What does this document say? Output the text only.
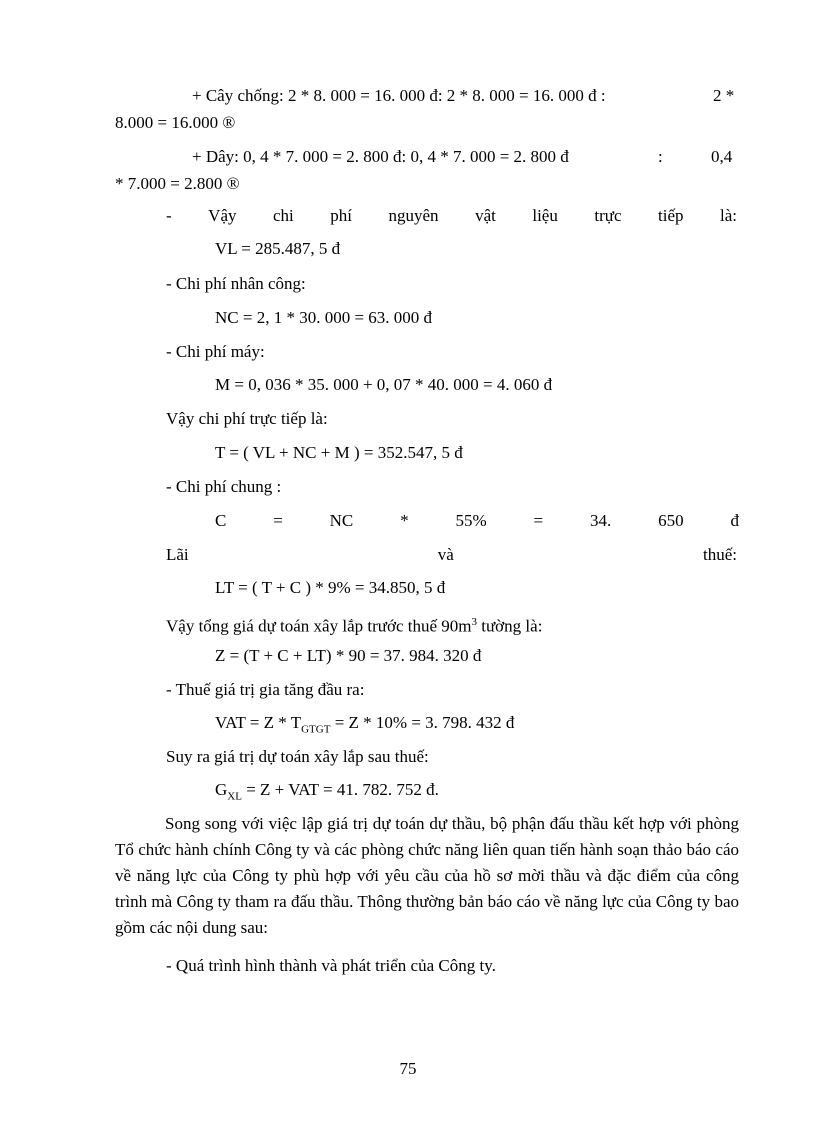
+ Cây chống: 2 * 8. 000 = 16. 000 đ: 2 * 8. 000 = 16. 000 đ :	2 *
8.000 = 16.000 ®
+ Dây: 0, 4 * 7. 000 = 2. 800 đ: 0, 4 * 7. 000 = 2. 800 đ	:	0,4
* 7.000 = 2.800 ®
- Vậy chi phí nguyên vật liệu trực tiếp là:
VL = 285.487, 5 đ
- Chi phí nhân công:
NC = 2, 1 * 30. 000 = 63. 000 đ
- Chi phí máy:
M = 0, 036 * 35. 000 + 0, 07 * 40. 000 = 4. 060 đ
Vậy chi phí trực tiếp là:
T = ( VL + NC + M ) = 352.547, 5 đ
- Chi phí chung :
C	=	NC	*	55%	=	34.	650	đ
Lãi	và	thuế:
LT = ( T + C ) * 9% = 34.850, 5 đ
Vậy tổng giá dự toán xây lắp trước thuế $90m^3$ tường là:
Z = (T + C + LT) * 90 = 37. 984. 320 đ
- Thuế giá trị gia tăng đầu ra:
VAT = $Z * T_{GTGT} = Z * 10\% = 3$. 798. 432 đ
Suy ra giá trị dự toán xây lắp sau thuế:
$G_{XL} = Z$ + VAT = 41. 782. 752 đ.

Song song với việc lập giá trị dự toán dự thầu, bộ phận đấu thầu kết hợp với phòng Tổ chức hành chính Công ty và các phòng chức năng liên quan tiến hành soạn thảo báo cáo về năng lực của Công ty phù hợp với yêu cầu của hồ sơ mời thầu và đặc điểm của công trình mà Công ty tham ra đấu thầu. Thông thường bản báo cáo về năng lực của Công ty bao gồm các nội dung sau:

- Quá trình hình thành và phát triển của Công ty.
75
